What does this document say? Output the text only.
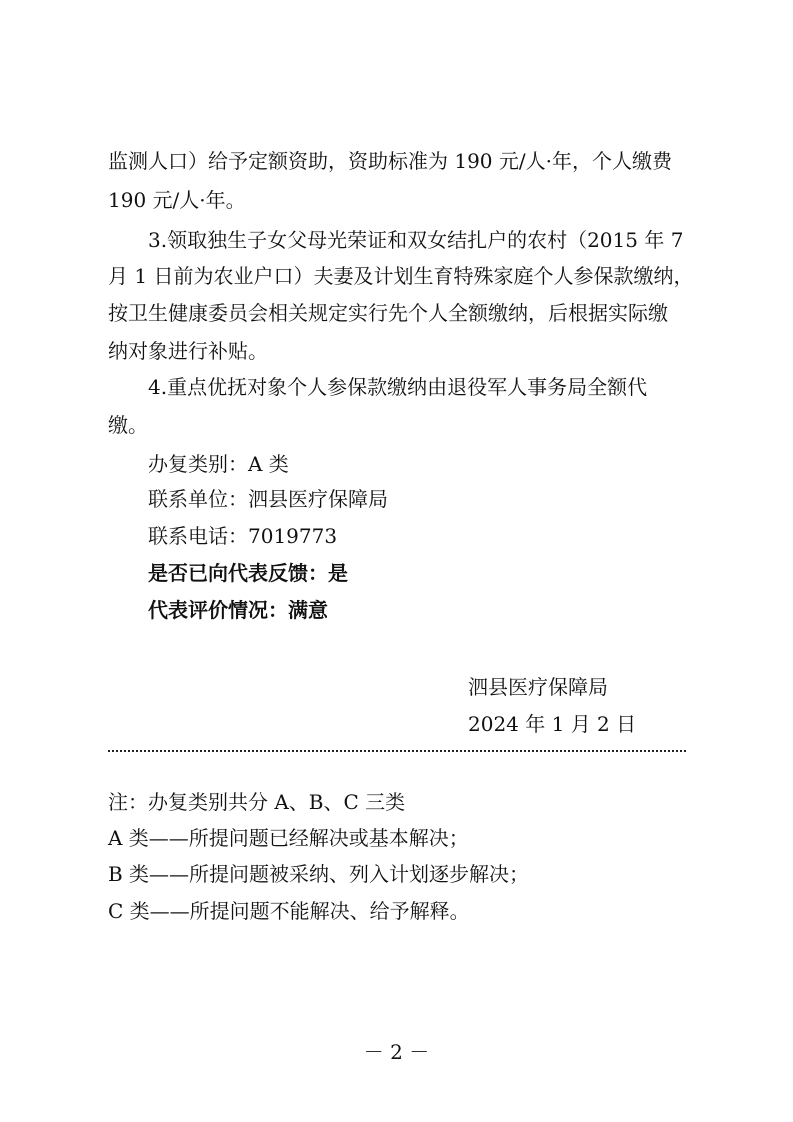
监测人口）给予定额资助，资助标准为 190 元/人·年，个人缴费
190 元/人·年。
3.领取独生子女父母光荣证和双女结扎户的农村（2015 年 7
月 1 日前为农业户口）夫妻及计划生育特殊家庭个人参保款缴纳，
按卫生健康委员会相关规定实行先个人全额缴纳，后根据实际缴
纳对象进行补贴。
4.重点优抚对象个人参保款缴纳由退役军人事务局全额代
缴。
办复类别：A 类
联系单位：泗县医疗保障局
联系电话：7019773
是否已向代表反馈：是
代表评价情况：满意
泗县医疗保障局
2024 年 1 月 2 日
注：办复类别共分 A、B、C 三类
A 类——所提问题已经解决或基本解决；
B 类——所提问题被采纳、列入计划逐步解决；
C 类——所提问题不能解决、给予解释。
－ 2 －
